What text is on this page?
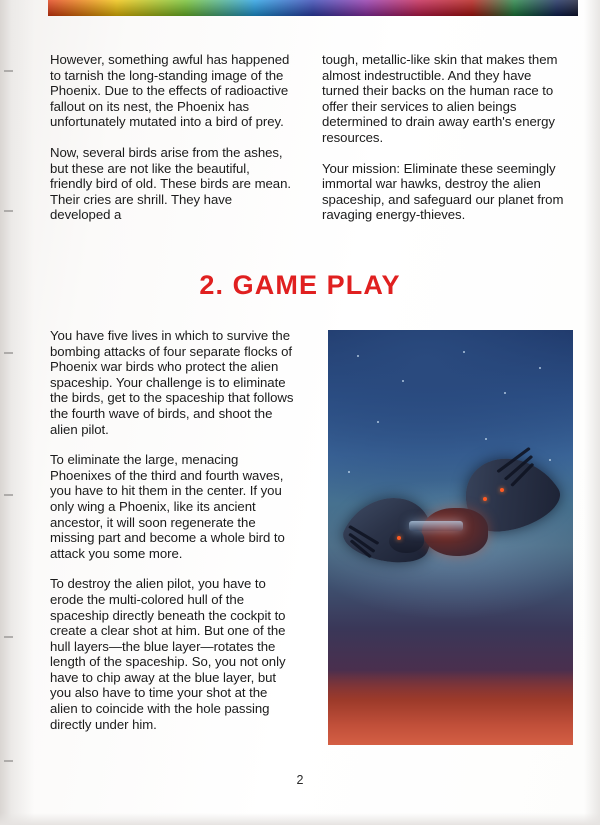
However, something awful has happened to tarnish the long-standing image of the Phoenix. Due to the effects of radioactive fallout on its nest, the Phoenix has unfortunately mutated into a bird of prey.

Now, several birds arise from the ashes, but these are not like the beautiful, friendly bird of old. These birds are mean. Their cries are shrill. They have developed a

tough, metallic-like skin that makes them almost indestructible. And they have turned their backs on the human race to offer their services to alien beings determined to drain away earth's energy resources.

Your mission: Eliminate these seemingly immortal war hawks, destroy the alien spaceship, and safeguard our planet from ravaging energy-thieves.

2. GAME PLAY

You have five lives in which to survive the bombing attacks of four separate flocks of Phoenix war birds who protect the alien spaceship. Your challenge is to eliminate the birds, get to the spaceship that follows the fourth wave of birds, and shoot the alien pilot.

To eliminate the large, menacing Phoenixes of the third and fourth waves, you have to hit them in the center. If you only wing a Phoenix, like its ancient ancestor, it will soon regenerate the missing part and become a whole bird to attack you some more.

To destroy the alien pilot, you have to erode the multi-colored hull of the spaceship directly beneath the cockpit to create a clear shot at him. But one of the hull layers—the blue layer—rotates the length of the spaceship. So, you not only have to chip away at the blue layer, but you also have to time your shot at the alien to coincide with the hole passing directly under him.

2
